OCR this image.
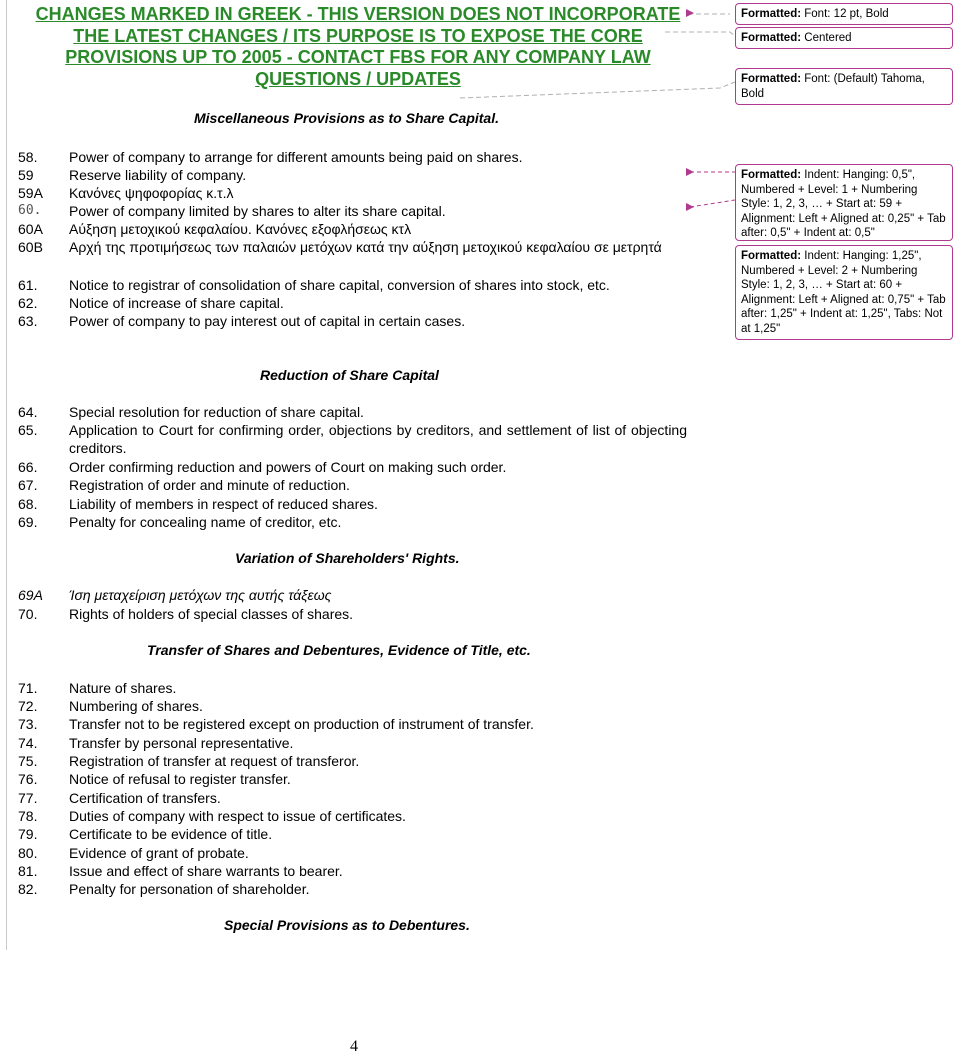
CHANGES MARKED IN GREEK - THIS VERSION DOES NOT INCORPORATE
THE LATEST CHANGES / ITS PURPOSE IS TO EXPOSE THE CORE
PROVISIONS UP TO 2005 - CONTACT FBS FOR ANY COMPANY LAW
QUESTIONS / UPDATES
Miscellaneous Provisions as to Share Capital.
58. Power of company to arrange for different amounts being paid on shares.
59	Reserve liability of company.
59A Κανόνες ψηφοφορίας κ.τ.λ
60. Power of company limited by shares to alter its share capital.
60A Αύξηση μετοχικού κεφαλαίου. Κανόνες εξοφλήσεως κτλ
60B Αρχή της προτιμήσεως των παλαιών μετόχων κατά την αύξηση μετοχικού κεφαλαίου σε μετρητά
61. Notice to registrar of consolidation of share capital, conversion of shares into stock, etc.
62. Notice of increase of share capital.
63. Power of company to pay interest out of capital in certain cases.
Reduction of Share Capital
64. Special resolution for reduction of share capital.
65. Application to Court for confirming order, objections by creditors, and settlement of list of objecting creditors.
66. Order confirming reduction and powers of Court on making such order.
67. Registration of order and minute of reduction.
68. Liability of members in respect of reduced shares.
69. Penalty for concealing name of creditor, etc.
Variation of Shareholders' Rights.
69A Ίση μεταχείριση μετόχων της αυτής τάξεως
70. Rights of holders of special classes of shares.
Transfer of Shares and Debentures, Evidence of Title, etc.
71. Nature of shares.
72. Numbering of shares.
73. Transfer not to be registered except on production of instrument of transfer.
74. Transfer by personal representative.
75. Registration of transfer at request of transferor.
76. Notice of refusal to register transfer.
77. Certification of transfers.
78. Duties of company with respect to issue of certificates.
79. Certificate to be evidence of title.
80. Evidence of grant of probate.
81. Issue and effect of share warrants to bearer.
82. Penalty for personation of shareholder.
Special Provisions as to Debentures.
4
Formatted: Font: 12 pt, Bold
Formatted: Centered
Formatted: Font: (Default) Tahoma, Bold
Formatted: Indent: Hanging: 0,5", Numbered + Level: 1 + Numbering Style: 1, 2, 3, … + Start at: 59 + Alignment: Left + Aligned at: 0,25" + Tab after: 0,5" + Indent at: 0,5"
Formatted: Indent: Hanging: 1,25", Numbered + Level: 2 + Numbering Style: 1, 2, 3, … + Start at: 60 + Alignment: Left + Aligned at: 0,75" + Tab after: 1,25" + Indent at: 1,25", Tabs: Not at 1,25"
